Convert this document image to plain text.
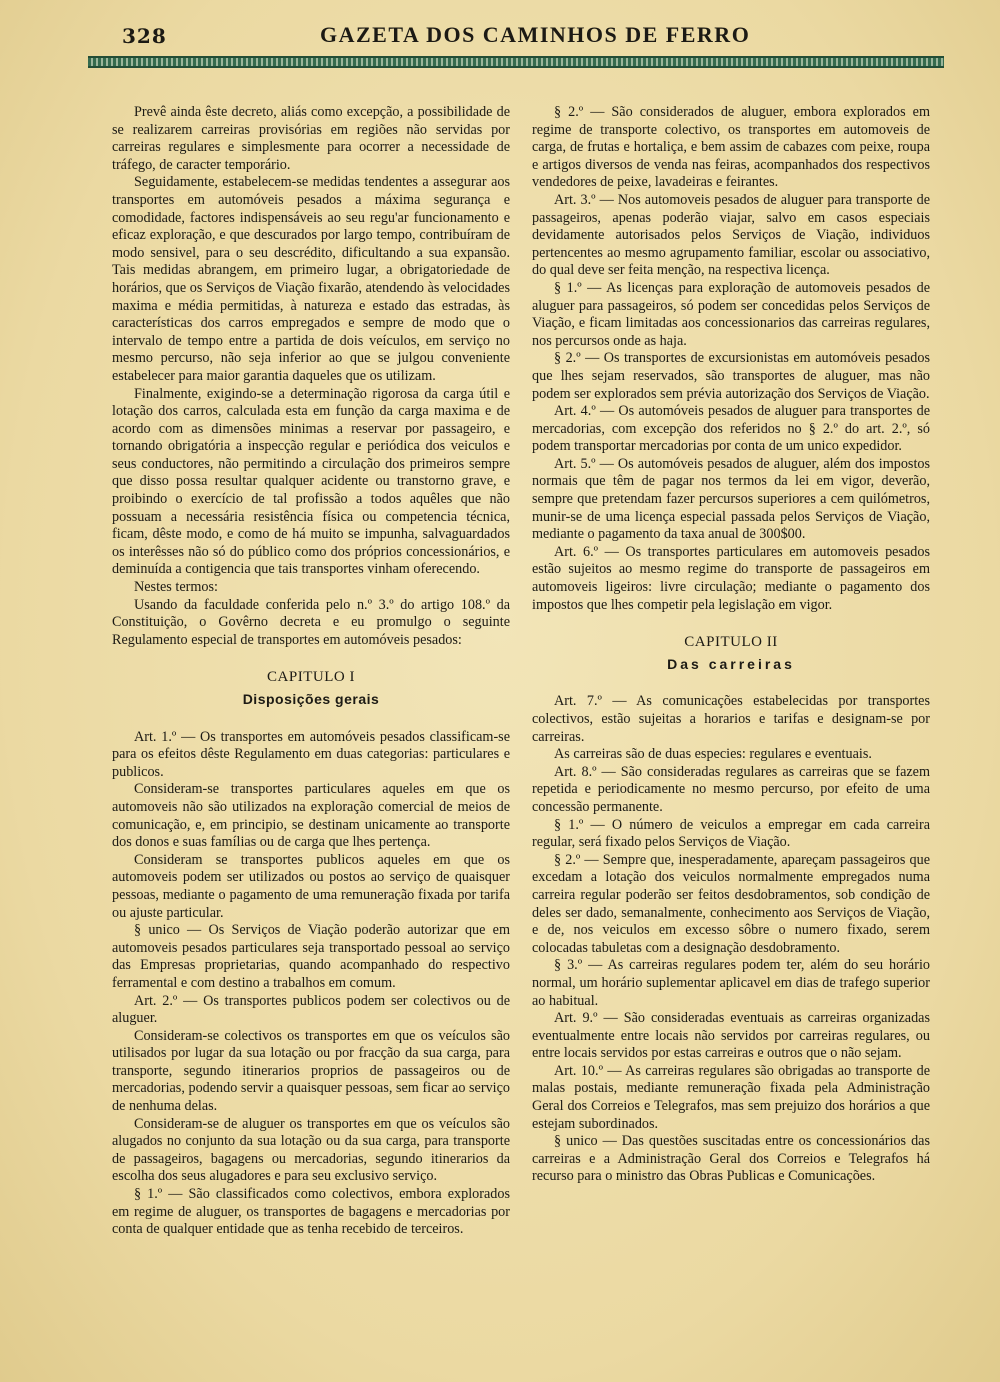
328	GAZETA DOS CAMINHOS DE FERRO

Prevê ainda êste decreto, aliás como excepção, a possibilidade de se realizarem carreiras provisórias em regiões não servidas por carreiras regulares e simplesmente para ocorrer a necessidade de tráfego, de caracter temporário.

Seguidamente, estabelecem-se medidas tendentes a assegurar aos transportes em automóveis pesados a máxima segurança e comodidade, factores indispensáveis ao seu regu'ar funcionamento e eficaz exploração, e que descurados por largo tempo, contribuíram de modo sensivel, para o seu descrédito, dificultando a sua expansão. Tais medidas abrangem, em primeiro lugar, a obrigatoriedade de horários, que os Serviços de Viação fixarão, atendendo às velocidades maxima e média permitidas, à natureza e estado das estradas, às características dos carros empregados e sempre de modo que o intervalo de tempo entre a partida de dois veículos, em serviço no mesmo percurso, não seja inferior ao que se julgou conveniente estabelecer para maior garantia daqueles que os utilizam.

Finalmente, exigindo-se a determinação rigorosa da carga útil e lotação dos carros, calculada esta em função da carga maxima e de acordo com as dimensões minimas a reservar por passageiro, e tornando obrigatória a inspecção regular e periódica dos veiculos e seus conductores, não permitindo a circulação dos primeiros sempre que disso possa resultar qualquer acidente ou transtorno grave, e proibindo o exercício de tal profissão a todos aquêles que não possuam a necessária resistência física ou competencia técnica, ficam, dêste modo, e como de há muito se impunha, salvaguardados os interêsses não só do público como dos próprios concessionários, e deminuída a contigencia que tais transportes vinham oferecendo.

Nestes termos:

Usando da faculdade conferida pelo n.º 3.º do artigo 108.º da Constituição, o Govêrno decreta e eu promulgo o seguinte Regulamento especial de transportes em automóveis pesados:

CAPITULO I
Disposições gerais

Art. 1.º — Os transportes em automóveis pesados classificam-se para os efeitos dêste Regulamento em duas categorias: particulares e publicos.

Consideram-se transportes particulares aqueles em que os automoveis não são utilizados na exploração comercial de meios de comunicação, e, em principio, se destinam unicamente ao transporte dos donos e suas famílias ou de carga que lhes pertença.

Consideram se transportes publicos aqueles em que os automoveis podem ser utilizados ou postos ao serviço de quaisquer pessoas, mediante o pagamento de uma remuneração fixada por tarifa ou ajuste particular.

§ unico — Os Serviços de Viação poderão autorizar que em automoveis pesados particulares seja transportado pessoal ao serviço das Empresas proprietarias, quando acompanhado do respectivo ferramental e com destino a trabalhos em comum.

Art. 2.º — Os transportes publicos podem ser colectivos ou de aluguer.

Consideram-se colectivos os transportes em que os veículos são utilisados por lugar da sua lotação ou por fracção da sua carga, para transporte, segundo itinerarios proprios de passageiros ou de mercadorias, podendo servir a quaisquer pessoas, sem ficar ao serviço de nenhuma delas.

Consideram-se de aluguer os transportes em que os veículos são alugados no conjunto da sua lotação ou da sua carga, para transporte de passageiros, bagagens ou mercadorias, segundo itinerarios da escolha dos seus alugadores e para seu exclusivo serviço.

§ 1.º — São classificados como colectivos, embora explorados em regime de aluguer, os transportes de bagagens e mercadorias por conta de qualquer entidade que as tenha recebido de terceiros.

§ 2.º — São considerados de aluguer, embora explorados em regime de transporte colectivo, os transportes em automoveis de carga, de frutas e hortaliça, e bem assim de cabazes com peixe, roupa e artigos diversos de venda nas feiras, acompanhados dos respectivos vendedores de peixe, lavadeiras e feirantes.

Art. 3.º — Nos automoveis pesados de aluguer para transporte de passageiros, apenas poderão viajar, salvo em casos especiais devidamente autorisados pelos Serviços de Viação, individuos pertencentes ao mesmo agrupamento familiar, escolar ou associativo, do qual deve ser feita menção, na respectiva licença.

§ 1.º — As licenças para exploração de automoveis pesados de aluguer para passageiros, só podem ser concedidas pelos Serviços de Viação, e ficam limitadas aos concessionarios das carreiras regulares, nos percursos onde as haja.

§ 2.º — Os transportes de excursionistas em automóveis pesados que lhes sejam reservados, são transportes de aluguer, mas não podem ser explorados sem prévia autorização dos Serviços de Viação.

Art. 4.º — Os automóveis pesados de aluguer para transportes de mercadorias, com excepção dos referidos no § 2.º do art. 2.º, só podem transportar mercadorias por conta de um unico expedidor.

Art. 5.º — Os automóveis pesados de aluguer, além dos impostos normais que têm de pagar nos termos da lei em vigor, deverão, sempre que pretendam fazer percursos superiores a cem quilómetros, munir-se de uma licença especial passada pelos Serviços de Viação, mediante o pagamento da taxa anual de 300$00.

Art. 6.º — Os transportes particulares em automoveis pesados estão sujeitos ao mesmo regime do transporte de passageiros em automoveis ligeiros: livre circulação; mediante o pagamento dos impostos que lhes competir pela legislação em vigor.

CAPITULO II
Das carreiras

Art. 7.º — As comunicações estabelecidas por transportes colectivos, estão sujeitas a horarios e tarifas e designam-se por carreiras.

As carreiras são de duas especies: regulares e eventuais.

Art. 8.º — São consideradas regulares as carreiras que se fazem repetida e periodicamente no mesmo percurso, por efeito de uma concessão permanente.

§ 1.º — O número de veiculos a empregar em cada carreira regular, será fixado pelos Serviços de Viação.

§ 2.º — Sempre que, inesperadamente, apareçam passageiros que excedam a lotação dos veiculos normalmente empregados numa carreira regular poderão ser feitos desdobramentos, sob condição de deles ser dado, semanalmente, conhecimento aos Serviços de Viação, e de, nos veiculos em excesso sôbre o numero fixado, serem colocadas tabuletas com a designação desdobramento.

§ 3.º — As carreiras regulares podem ter, além do seu horário normal, um horário suplementar aplicavel em dias de trafego superior ao habitual.

Art. 9.º — São consideradas eventuais as carreiras organizadas eventualmente entre locais não servidos por carreiras regulares, ou entre locais servidos por estas carreiras e outros que o não sejam.

Art. 10.º — As carreiras regulares são obrigadas ao transporte de malas postais, mediante remuneração fixada pela Administração Geral dos Correios e Telegrafos, mas sem prejuizo dos horários a que estejam subordinados.

§ unico — Das questões suscitadas entre os concessionários das carreiras e a Administração Geral dos Correios e Telegrafos há recurso para o ministro das Obras Publicas e Comunicações.
